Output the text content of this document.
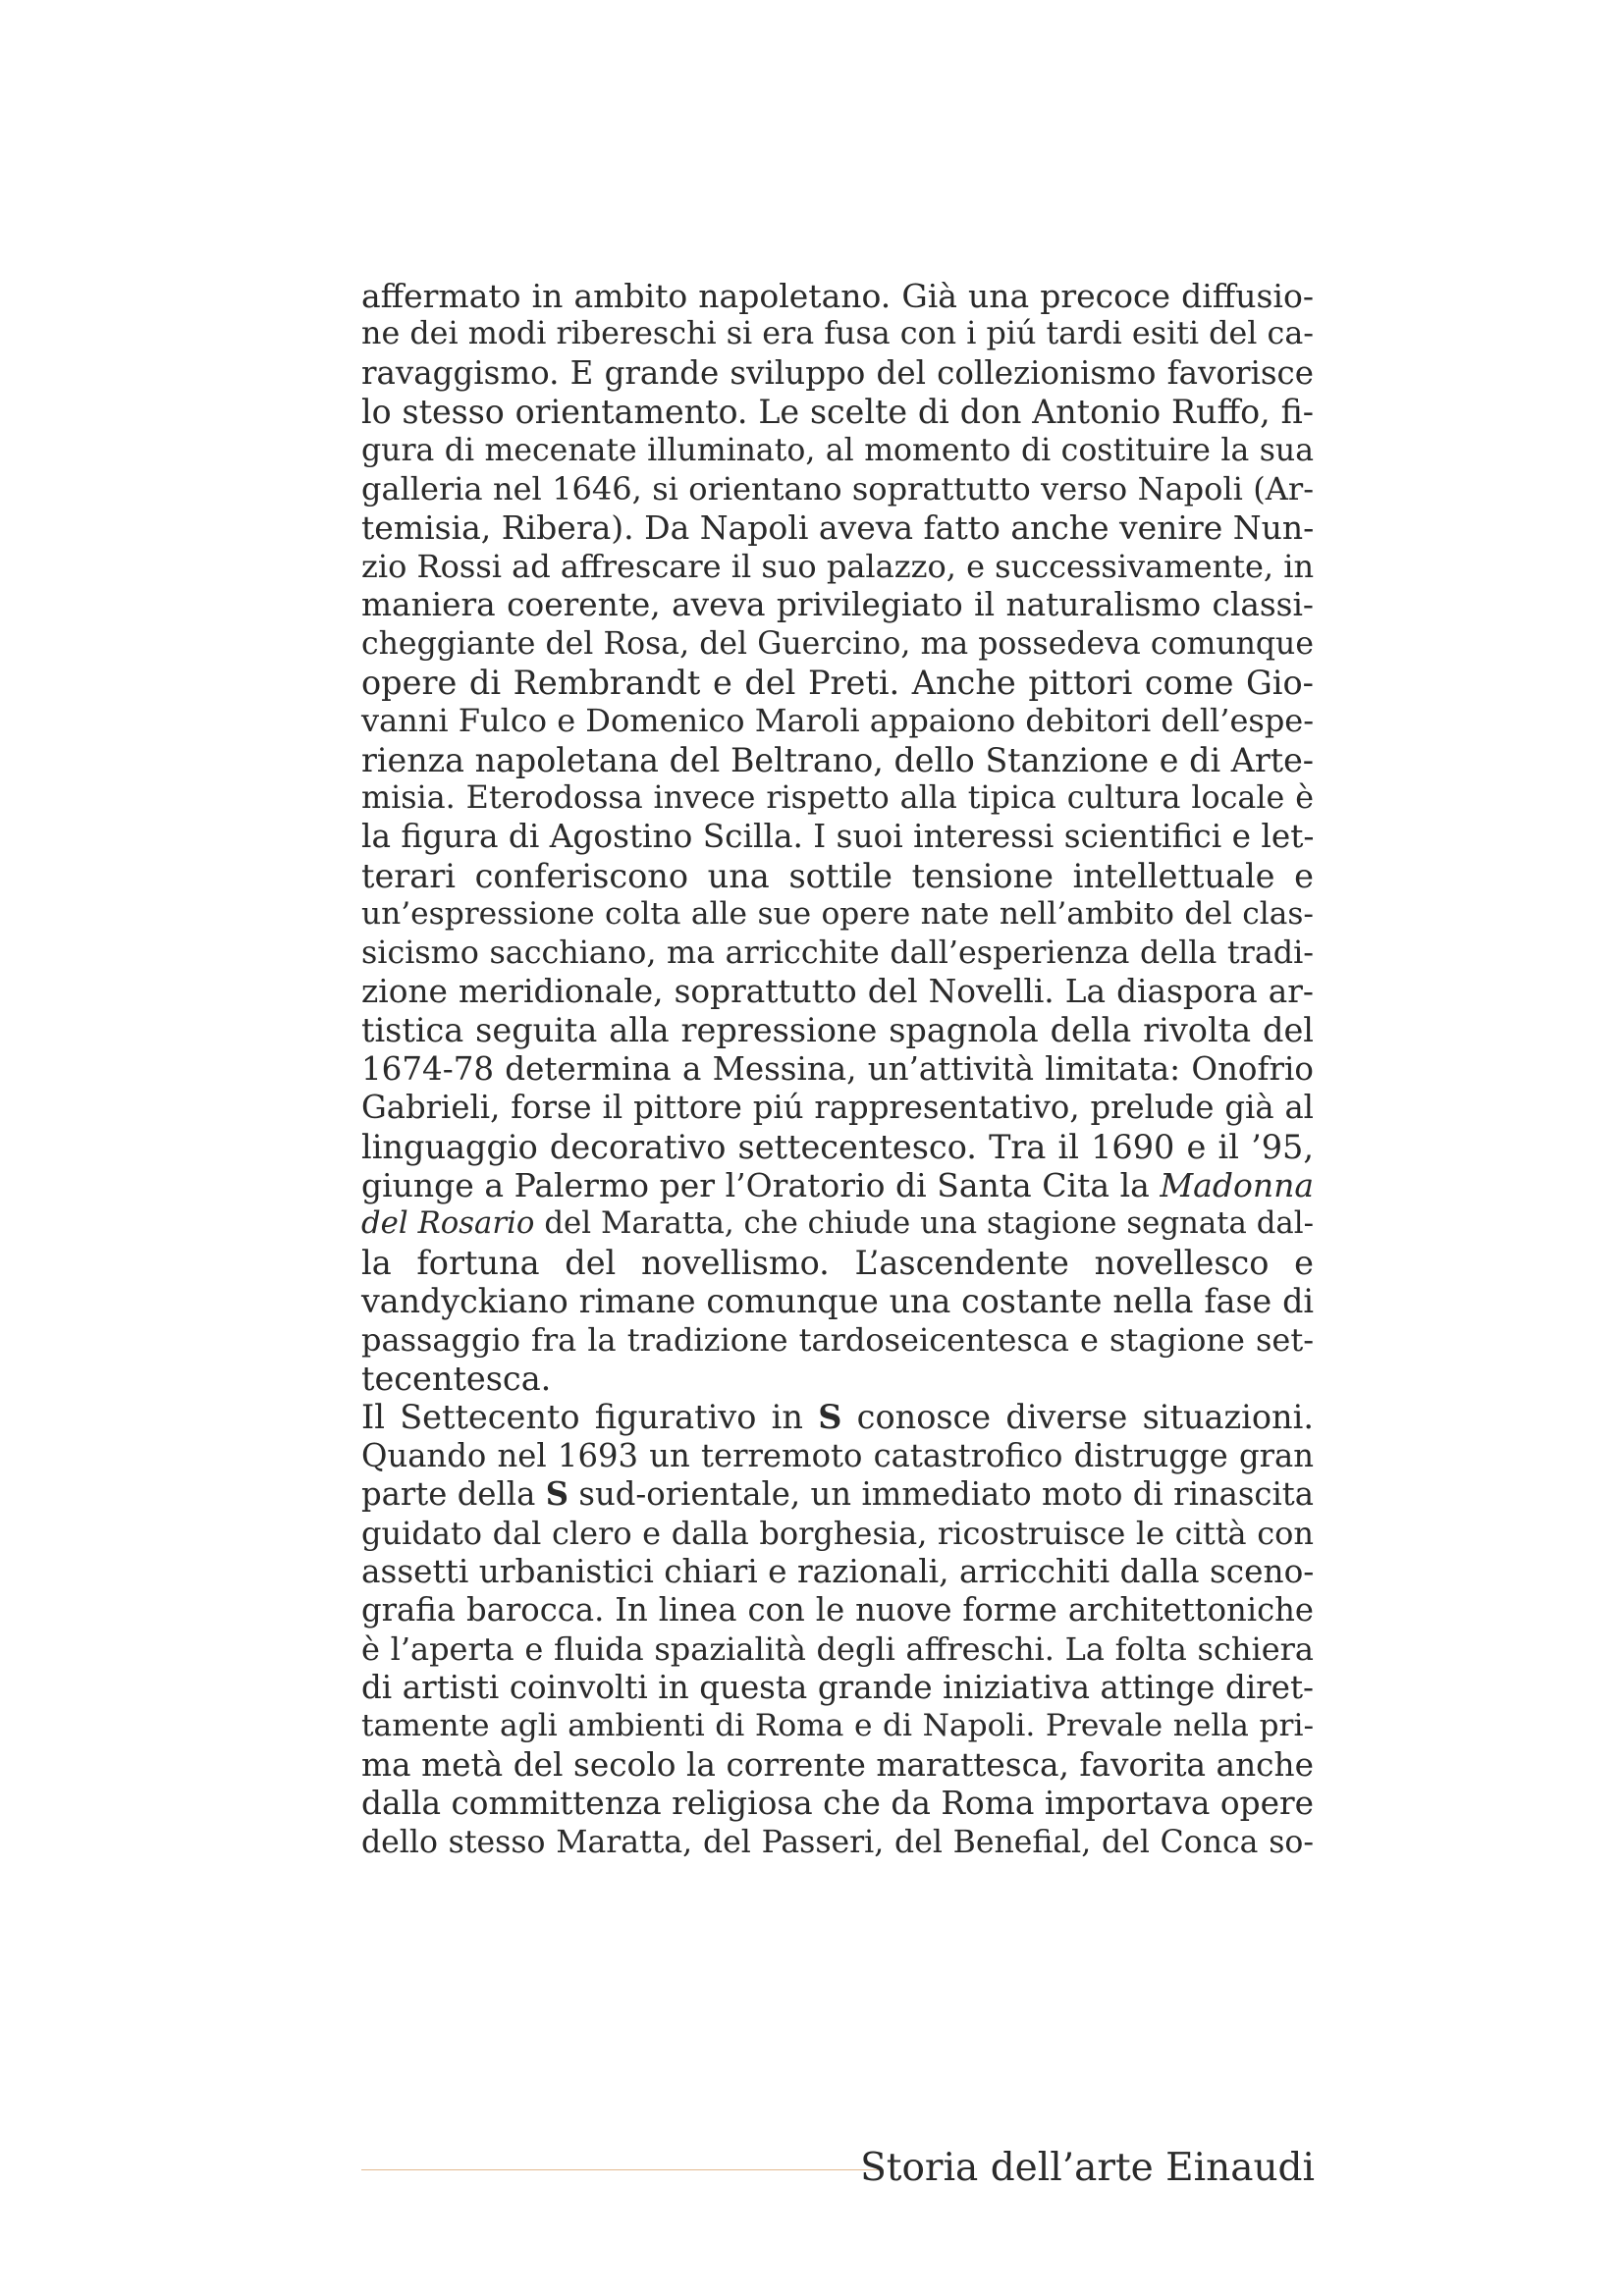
affermato in ambito napoletano. Già una precoce diffusio-
ne dei modi ribereschi si era fusa con i piú tardi esiti del ca-
ravaggismo. E grande sviluppo del collezionismo favorisce
lo stesso orientamento. Le scelte di don Antonio Ruffo, fi-
gura di mecenate illuminato, al momento di costituire la sua
galleria nel 1646, si orientano soprattutto verso Napoli (Ar-
temisia, Ribera). Da Napoli aveva fatto anche venire Nun-
zio Rossi ad affrescare il suo palazzo, e successivamente, in
maniera coerente, aveva privilegiato il naturalismo classi-
cheggiante del Rosa, del Guercino, ma possedeva comunque
opere di Rembrandt e del Preti. Anche pittori come Gio-
vanni Fulco e Domenico Maroli appaiono debitori dell’espe-
rienza napoletana del Beltrano, dello Stanzione e di Arte-
misia. Eterodossa invece rispetto alla tipica cultura locale è
la figura di Agostino Scilla. I suoi interessi scientifici e let-
terari conferiscono una sottile tensione intellettuale e
un’espressione colta alle sue opere nate nell’ambito del clas-
sicismo sacchiano, ma arricchite dall’esperienza della tradi-
zione meridionale, soprattutto del Novelli. La diaspora ar-
tistica seguita alla repressione spagnola della rivolta del
1674-78 determina a Messina, un’attività limitata: Onofrio
Gabrieli, forse il pittore piú rappresentativo, prelude già al
linguaggio decorativo settecentesco. Tra il 1690 e il ’95,
giunge a Palermo per l’Oratorio di Santa Cita la Madonna
del Rosario del Maratta, che chiude una stagione segnata dal-
la fortuna del novellismo. L’ascendente novellesco e
vandyckiano rimane comunque una costante nella fase di
passaggio fra la tradizione tardoseicentesca e stagione set-
tecentesca.
Il Settecento figurativo in S conosce diverse situazioni.
Quando nel 1693 un terremoto catastrofico distrugge gran
parte della S sud-orientale, un immediato moto di rinascita
guidato dal clero e dalla borghesia, ricostruisce le città con
assetti urbanistici chiari e razionali, arricchiti dalla sceno-
grafia barocca. In linea con le nuove forme architettoniche
è l’aperta e fluida spazialità degli affreschi. La folta schiera
di artisti coinvolti in questa grande iniziativa attinge diret-
tamente agli ambienti di Roma e di Napoli. Prevale nella pri-
ma metà del secolo la corrente marattesca, favorita anche
dalla committenza religiosa che da Roma importava opere
dello stesso Maratta, del Passeri, del Benefial, del Conca so-
Storia dell’arte Einaudi
